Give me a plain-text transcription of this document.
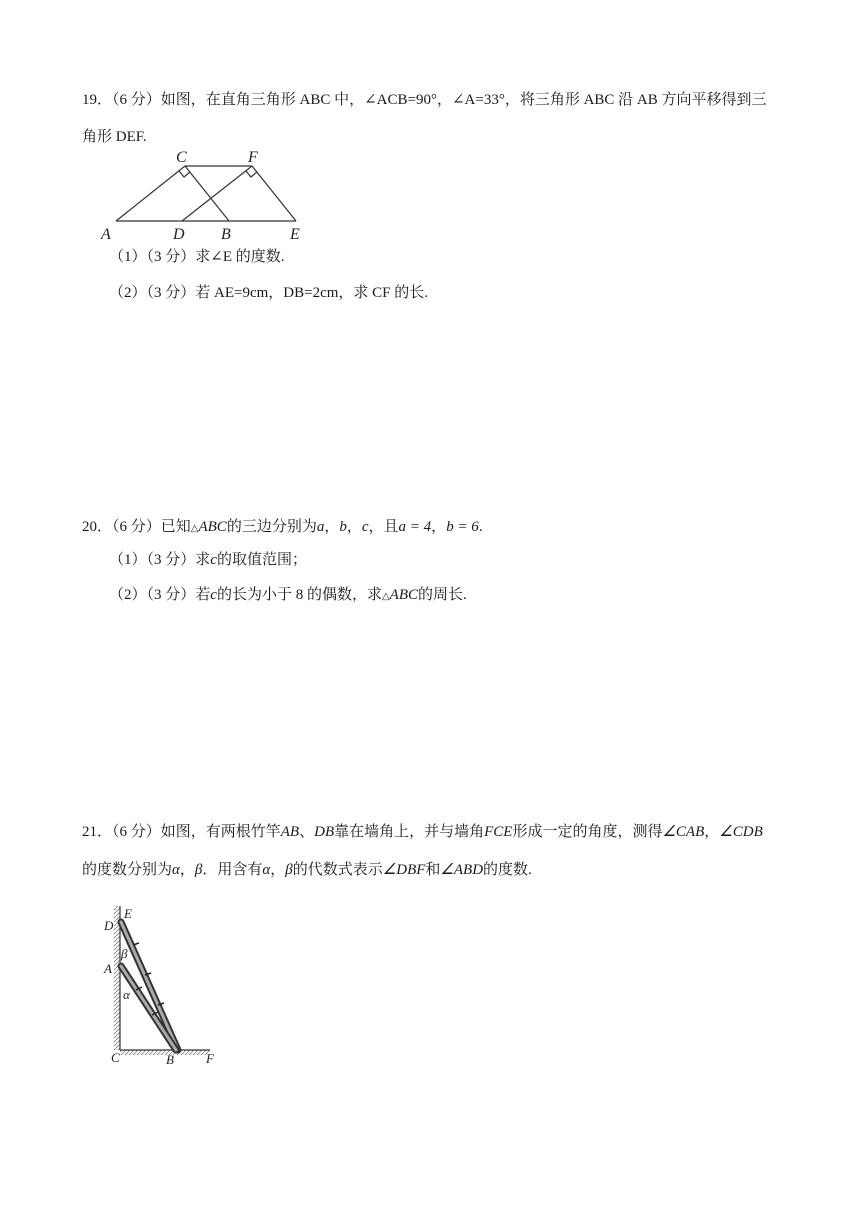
19．（6 分）如图，在直角三角形 ABC 中，∠ACB=90°，∠A=33°，将三角形 ABC 沿 AB 方向平移得到三
角形 DEF.
A	D B	E
C	F
（1）（3 分）求∠E 的度数.
（2）（3 分）若 AE=9cm，DB=2cm，求 CF 的长.
20．（6 分）已知△ABC的三边分别为a，b，c，且a = 4，b = 6.
（1）（3 分）求c的取值范围；
（2）（3 分）若c的长为小于 8 的偶数，求△ABC的周长.
21．（6 分）如图，有两根竹竿AB、DB靠在墙角上，并与墙角FCE形成一定的角度，测得∠CAB，∠CDB
的度数分别为α，β．用含有α，β的代数式表示∠DBF和∠ABD的度数.
E
D
β
A
α
C	B F
